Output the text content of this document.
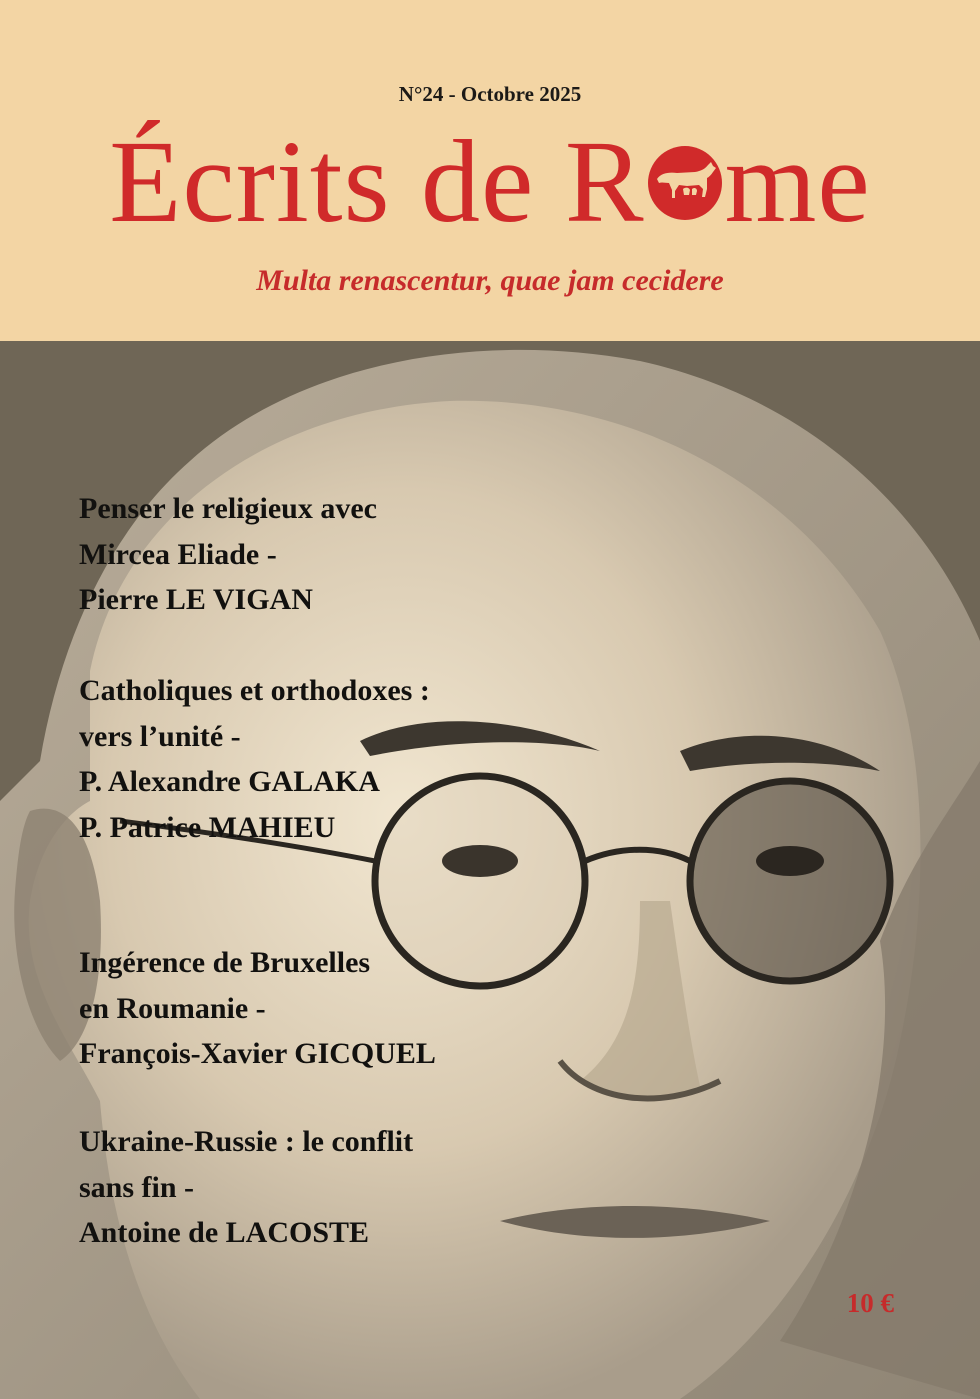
N°24 - Octobre 2025
Écrits de R me
Multa renascentur, quae jam cecidere
Penser le religieux avec
Mircea Eliade -
Pierre LE VIGAN
Catholiques et orthodoxes :
vers l’unité -
P. Alexandre GALAKA
P. Patrice MAHIEU
Ingérence de Bruxelles
en Roumanie -
François-Xavier GICQUEL
Ukraine-Russie : le conflit
sans fin -
Antoine de LACOSTE
10 €
